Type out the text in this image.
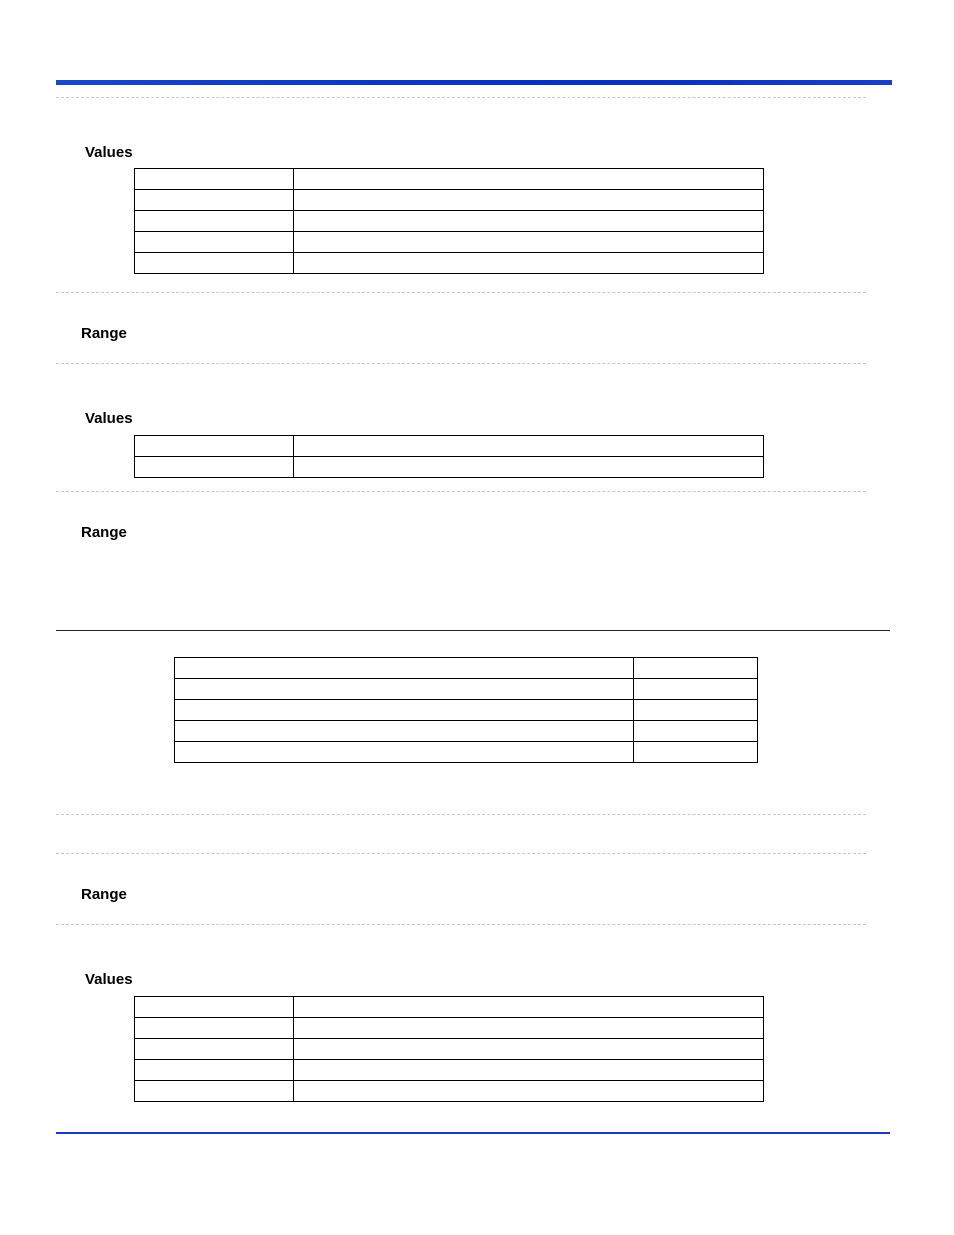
Values

Range
Values

Range

Range
Values
